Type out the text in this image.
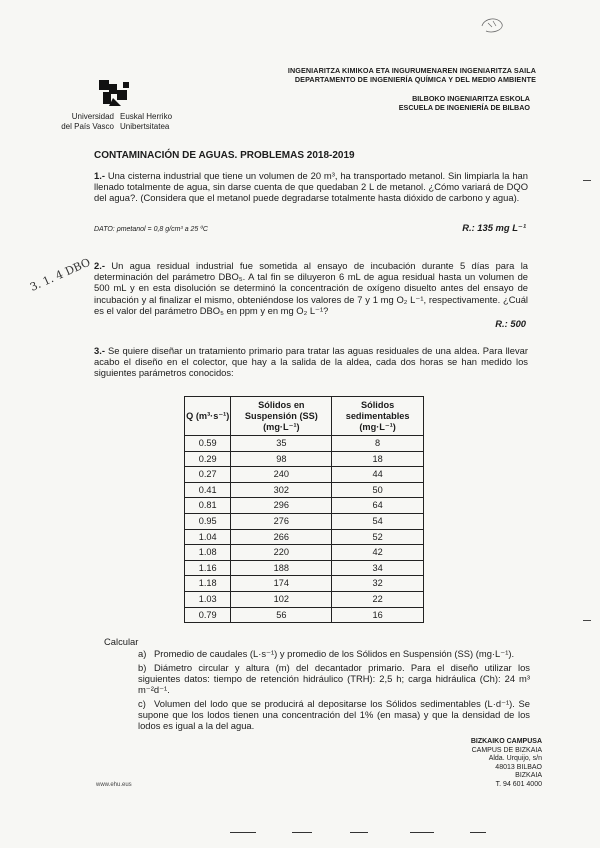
Universidad
del País Vasco
Euskal Herriko
Unibertsitatea
INGENIARITZA KIMIKOA ETA INGURUMENAREN INGENIARITZA SAILA
DEPARTAMENTO DE INGENIERÍA QUÍMICA Y DEL MEDIO AMBIENTE
BILBOKO INGENIARITZA ESKOLA
ESCUELA DE INGENIERÍA DE BILBAO
CONTAMINACIÓN DE AGUAS. PROBLEMAS 2018-2019
1.- Una cisterna industrial que tiene un volumen de 20 m³, ha transportado metanol. Sin limpiarla la han llenado totalmente de agua, sin darse cuenta de que quedaban 2 L de metanol. ¿Cómo variará de DQO del agua?. (Considera que el metanol puede degradarse totalmente hasta dióxido de carbono y agua).
DATO: ρmetanol = 0,8 g/cm³ a 25 ºC	R.: 135 mg L⁻¹
3. 1. 4 DBO 2.- Un agua residual industrial fue sometida al ensayo de incubación durante 5 días para la determinación del parámetro DBO₅. A tal fin se diluyeron 6 mL de agua residual hasta un volumen de 500 mL y en esta disolución se determinó la concentración de oxígeno disuelto antes del ensayo de incubación y al finalizar el mismo, obteniéndose los valores de 7 y 1 mg O₂ L⁻¹, respectivamente. ¿Cuál es el valor del parámetro DBO₅ en ppm y en mg O₂ L⁻¹?
R.: 500
3.- Se quiere diseñar un tratamiento primario para tratar las aguas residuales de una aldea. Para llevar acabo el diseño en el colector, que hay a la salida de la aldea, cada dos horas se han medido los siguientes parámetros conocidos:
Q (m³·s⁻¹)	Sólidos en Suspensión (SS) (mg·L⁻¹)	Sólidos sedimentables (mg·L⁻¹)
0.59	35	8
0.29	98	18
0.27	240	44
0.41	302	50
0.81	296	64
0.95	276	54
1.04	266	52
1.08	220	42
1.16	188	34
1.18	174	32
1.03	102	22
0.79	56	16
Calcular
a) Promedio de caudales (L·s⁻¹) y promedio de los Sólidos en Suspensión (SS) (mg·L⁻¹).
b) Diámetro circular y altura (m) del decantador primario. Para el diseño utilizar los siguientes datos: tiempo de retención hidráulico (TRH): 2,5 h; carga hidráulica (Ch): 24 m³ m⁻²d⁻¹.
c) Volumen del lodo que se producirá al depositarse los Sólidos sedimentables (L·d⁻¹). Se supone que los lodos tienen una concentración del 1% (en masa) y que la densidad de los lodos es igual a la del agua.
BIZKAIKO CAMPUSA
CAMPUS DE BIZKAIA
Alda. Urquijo, s/n
48013 BILBAO
BIZKAIA
T. 94 601 4000
www.ehu.eus
